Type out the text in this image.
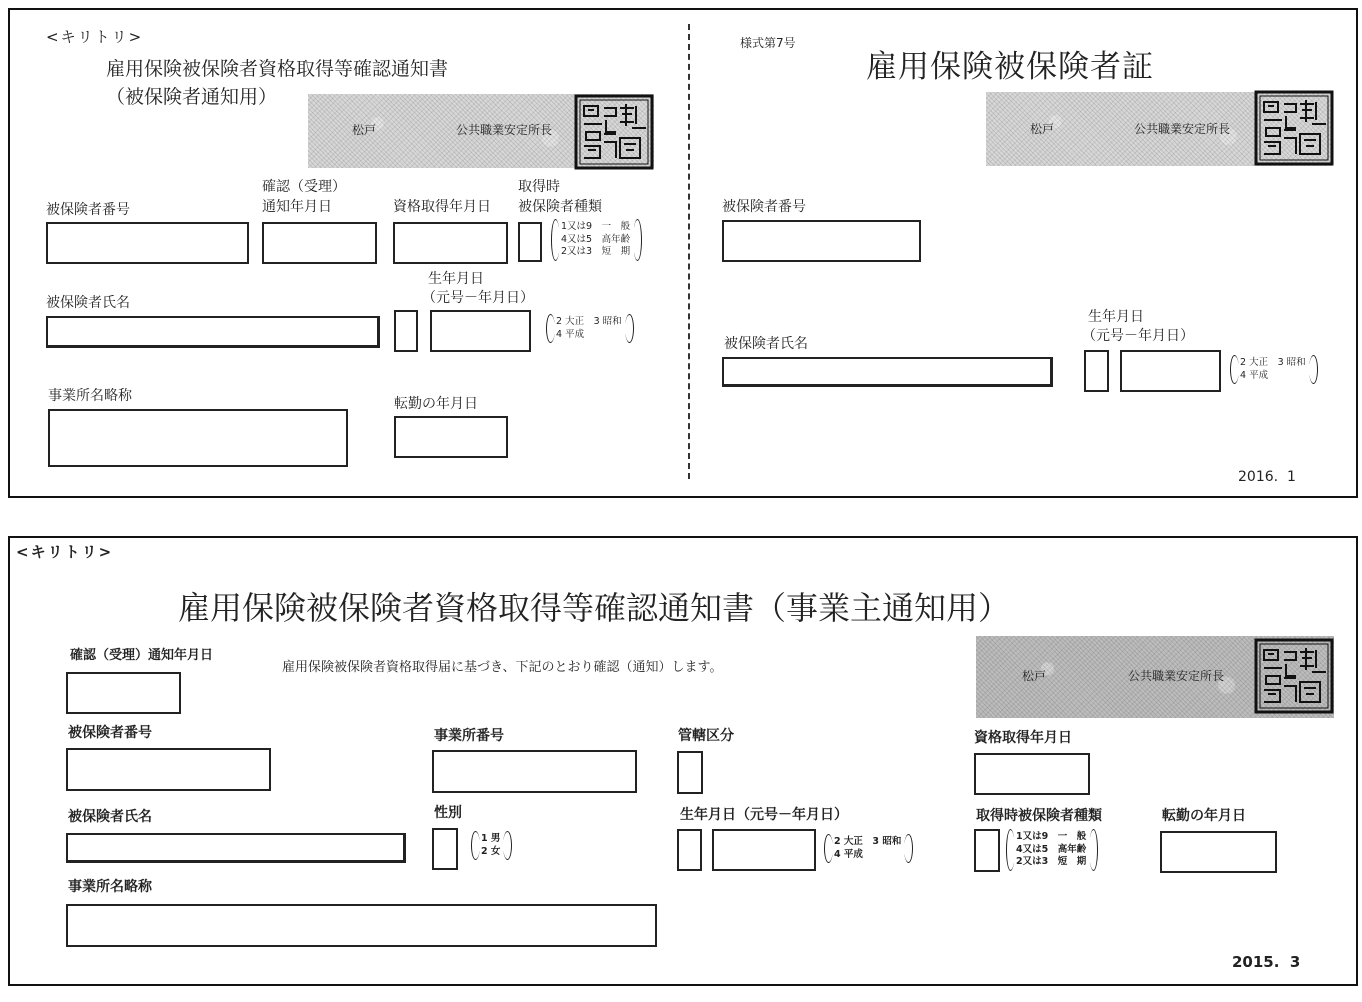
<キリトリ>
雇用保険被保険者資格取得等確認通知書
（被保険者通知用）
松戸	公共職業安定所長
被保険者番号
確認（受理）
通知年月日	資格取得年月日
取得時
被保険者種類
1又は9　一　般
4又は5　高年齢
2又は3　短　期
被保険者氏名
生年月日
（元号－年月日）
2 大正　3 昭和
4 平成
事業所名略称	転勤の年月日
様式第7号
雇用保険被保険者証
松戸	公共職業安定所長
被保険者番号
生年月日
（元号－年月日）
被保険者氏名
2 大正　3 昭和
4 平成
2016.  1
<キリトリ>
雇用保険被保険者資格取得等確認通知書（事業主通知用）
確認（受理）通知年月日
雇用保険被保険者資格取得届に基づき、下記のとおり確認（通知）します。
松戸	公共職業安定所長
被保険者番号	事業所番号	管轄区分	資格取得年月日
被保険者氏名	性別	生年月日（元号－年月日）	取得時被保険者種類	転勤の年月日
1 男
2 女
2 大正　3 昭和
4 平成
1又は9　一　般
4又は5　高年齢
2又は3　短　期
事業所名略称
2015.  3
